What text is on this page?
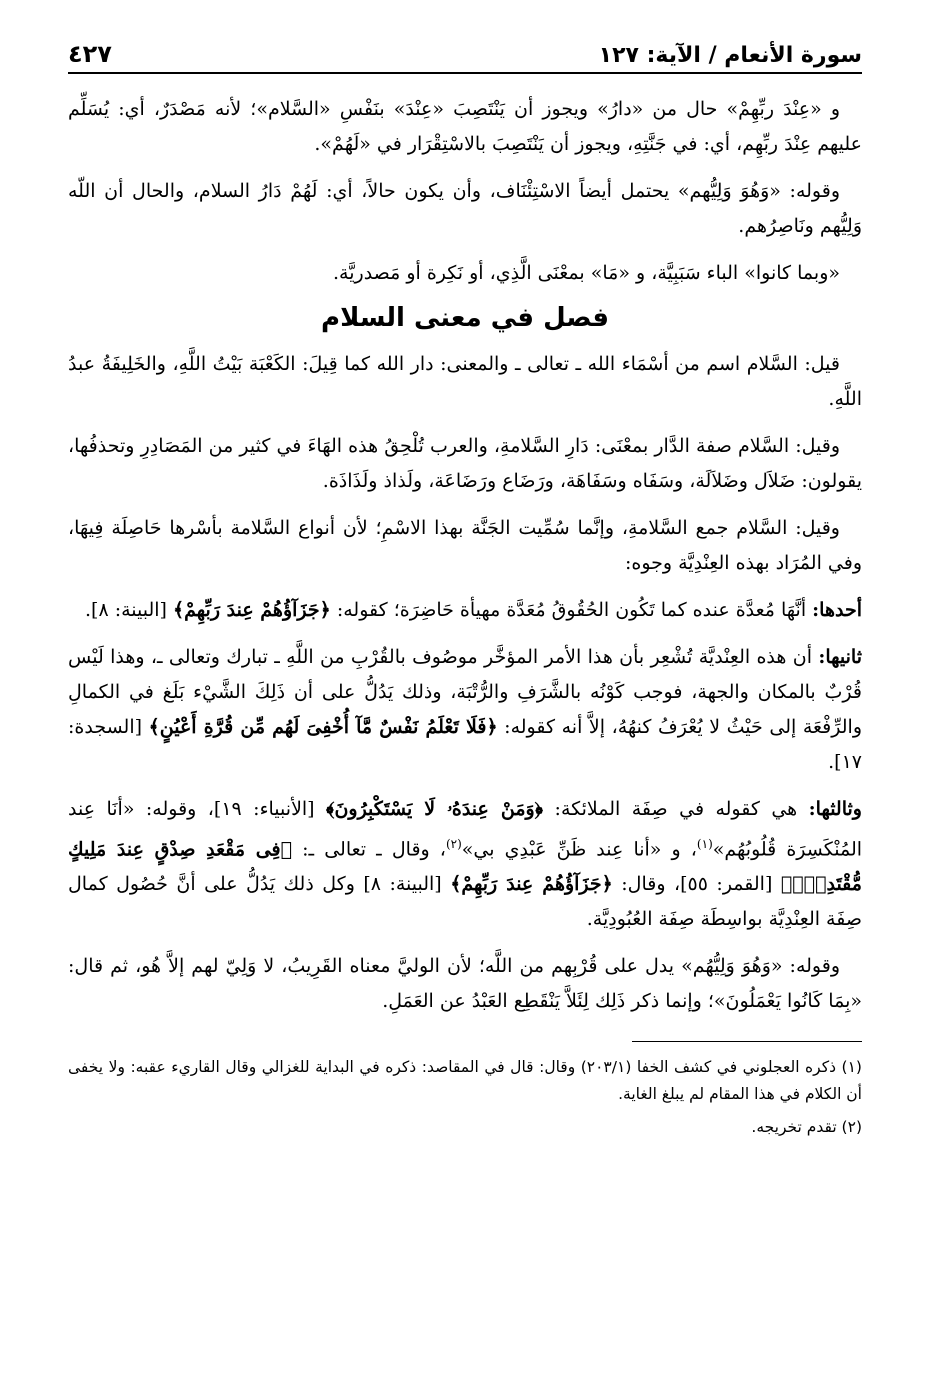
سورة الأنعام / الآية: ١٢٧
٤٢٧

و «عِنْدَ ربِّهِمْ» حال من «دارُ» ويجوز أن يَنْتَصِبَ «عِنْدَ» بنَفْسِ «السَّلام»؛ لأنه مَصْدَرٌ، أي: يُسَلِّم عليهم عِنْدَ ربِّهِم، أي: في جَنَّتِهِ، ويجوز أن يَنْتَصِبَ بالاسْتِقْرَار في «لَهُمْ».

وقوله: «وَهُوَ وَلِيُّهم» يحتمل أيضاً الاسْتِئْنَاف، وأن يكون حالاً، أي: لَهُمْ دَارُ السلام، والحال أن اللّه وَلِيُّهم ونَاصِرُهم.

«وبما كانوا» الباء سَبَبِيَّة، و «مَا» بمعْنَى الَّذِي، أو نَكِرة أو مَصدريَّة.

فصل في معنى السلام

قيل: السَّلام اسم من أسْمَاء الله ـ تعالى ـ والمعنى: دار الله كما قِيلَ: الكَعْبَة بَيْتُ اللَّهِ، والخَلِيفَةُ عبدُ اللَّهِ.

وقيل: السَّلام صفة الدَّار بمعْنَى: دَارِ السَّلامةِ، والعرب تُلْحِقُ هذه الهَاءَ في كثير من المَصَادِرِ وتحذفُها، يقولون: ضَلاَل وضَلاَلَة، وسَفَاه وسَفَاهَة، ورَضَاع ورَضَاعَة، ولَذاذ ولَذَاذَة.

وقيل: السَّلام جمع السَّلامةِ، وإنَّما سُمِّيت الجَنَّة بهذا الاسْمِ؛ لأن أنواع السَّلامة بأسْرها حَاصِلَة فِيهَا، وفي المُرَاد بهذه العِنْدِيَّة وجوه:

أحدها: أنَّهَا مُعدَّة عنده كما تَكُون الحُقُوقُ مُعَدَّة مهيأة حَاضِرَة؛ كقوله: ﴿جَزَآؤُهُمْ عِندَ رَبِّهِمْ﴾ [البينة: ٨].

ثانيها: أن هذه العِنْديَّة تُشْعِر بأن هذا الأمر المؤخَّر موصُوف بالقُرْبِ من اللَّهِ ـ تبارك وتعالى ـ، وهذا لَيْس قُرْبٌ بالمكان والجهة، فوجب كَوْنُه بالشَّرَفِ والرُّتْبَة، وذلك يَدُلُّ على أن ذَلِكَ الشَّيْء بَلَغ في الكمالِ والرِّفْعَة إلى حَيْثُ لا يُعْرَفُ كنهُهُ، إلاَّ أنه كقوله: ﴿فَلَا تَعْلَمُ نَفْسٌ مَّآ أُخْفِىَ لَهُم مِّن قُرَّةِ أَعْيُنٍ﴾ [السجدة: ١٧].

وثالثها: هي كقوله في صِفَة الملائكة: ﴿وَمَنْ عِندَهُۥ لَا يَسْتَكْبِرُونَ﴾ [الأنبياء: ١٩]، وقوله: «أنَا عِند المُنْكَسِرَة قُلُوبُهُم»$^{(١)}$، و «أنا عِند ظَنِّ عَبْدِي بي»$^{(٢)}$، وقال ـ تعالى ـ: ﴿فِى مَقْعَدِ صِدْقٍ عِندَ مَلِيكٍ مُّقْتَدِرٍۭ﴾ [القمر: ٥٥]، وقال: ﴿جَزَآؤُهُمْ عِندَ رَبِّهِمْ﴾ [البينة: ٨] وكل ذلك يَدُلُّ على أنَّ حُصُول كمال صِفَة العِنْدِيَّة بواسِطَة صِفَة العُبُودِيَّة.

وقوله: «وَهُوَ وَلِيُّهُم» يدل على قُرْبِهم من اللَّه؛ لأن الوليَّ معناه القَرِيبُ، لا وَلِيّ لهم إلاَّ هُو، ثم قال: «بِمَا كَانُوا يَعْمَلُونَ»؛ وإنما ذكر ذَلِك لِئَلاَّ يَنْقَطِع العَبْدُ عن العَمَلِ.

(١) ذكره العجلوني في كشف الخفا (٢٠٣/١) وقال: قال في المقاصد: ذكره في البداية للغزالي وقال القاريء عقبه: ولا يخفى أن الكلام في هذا المقام لم يبلغ الغاية.

(٢) تقدم تخريجه.
